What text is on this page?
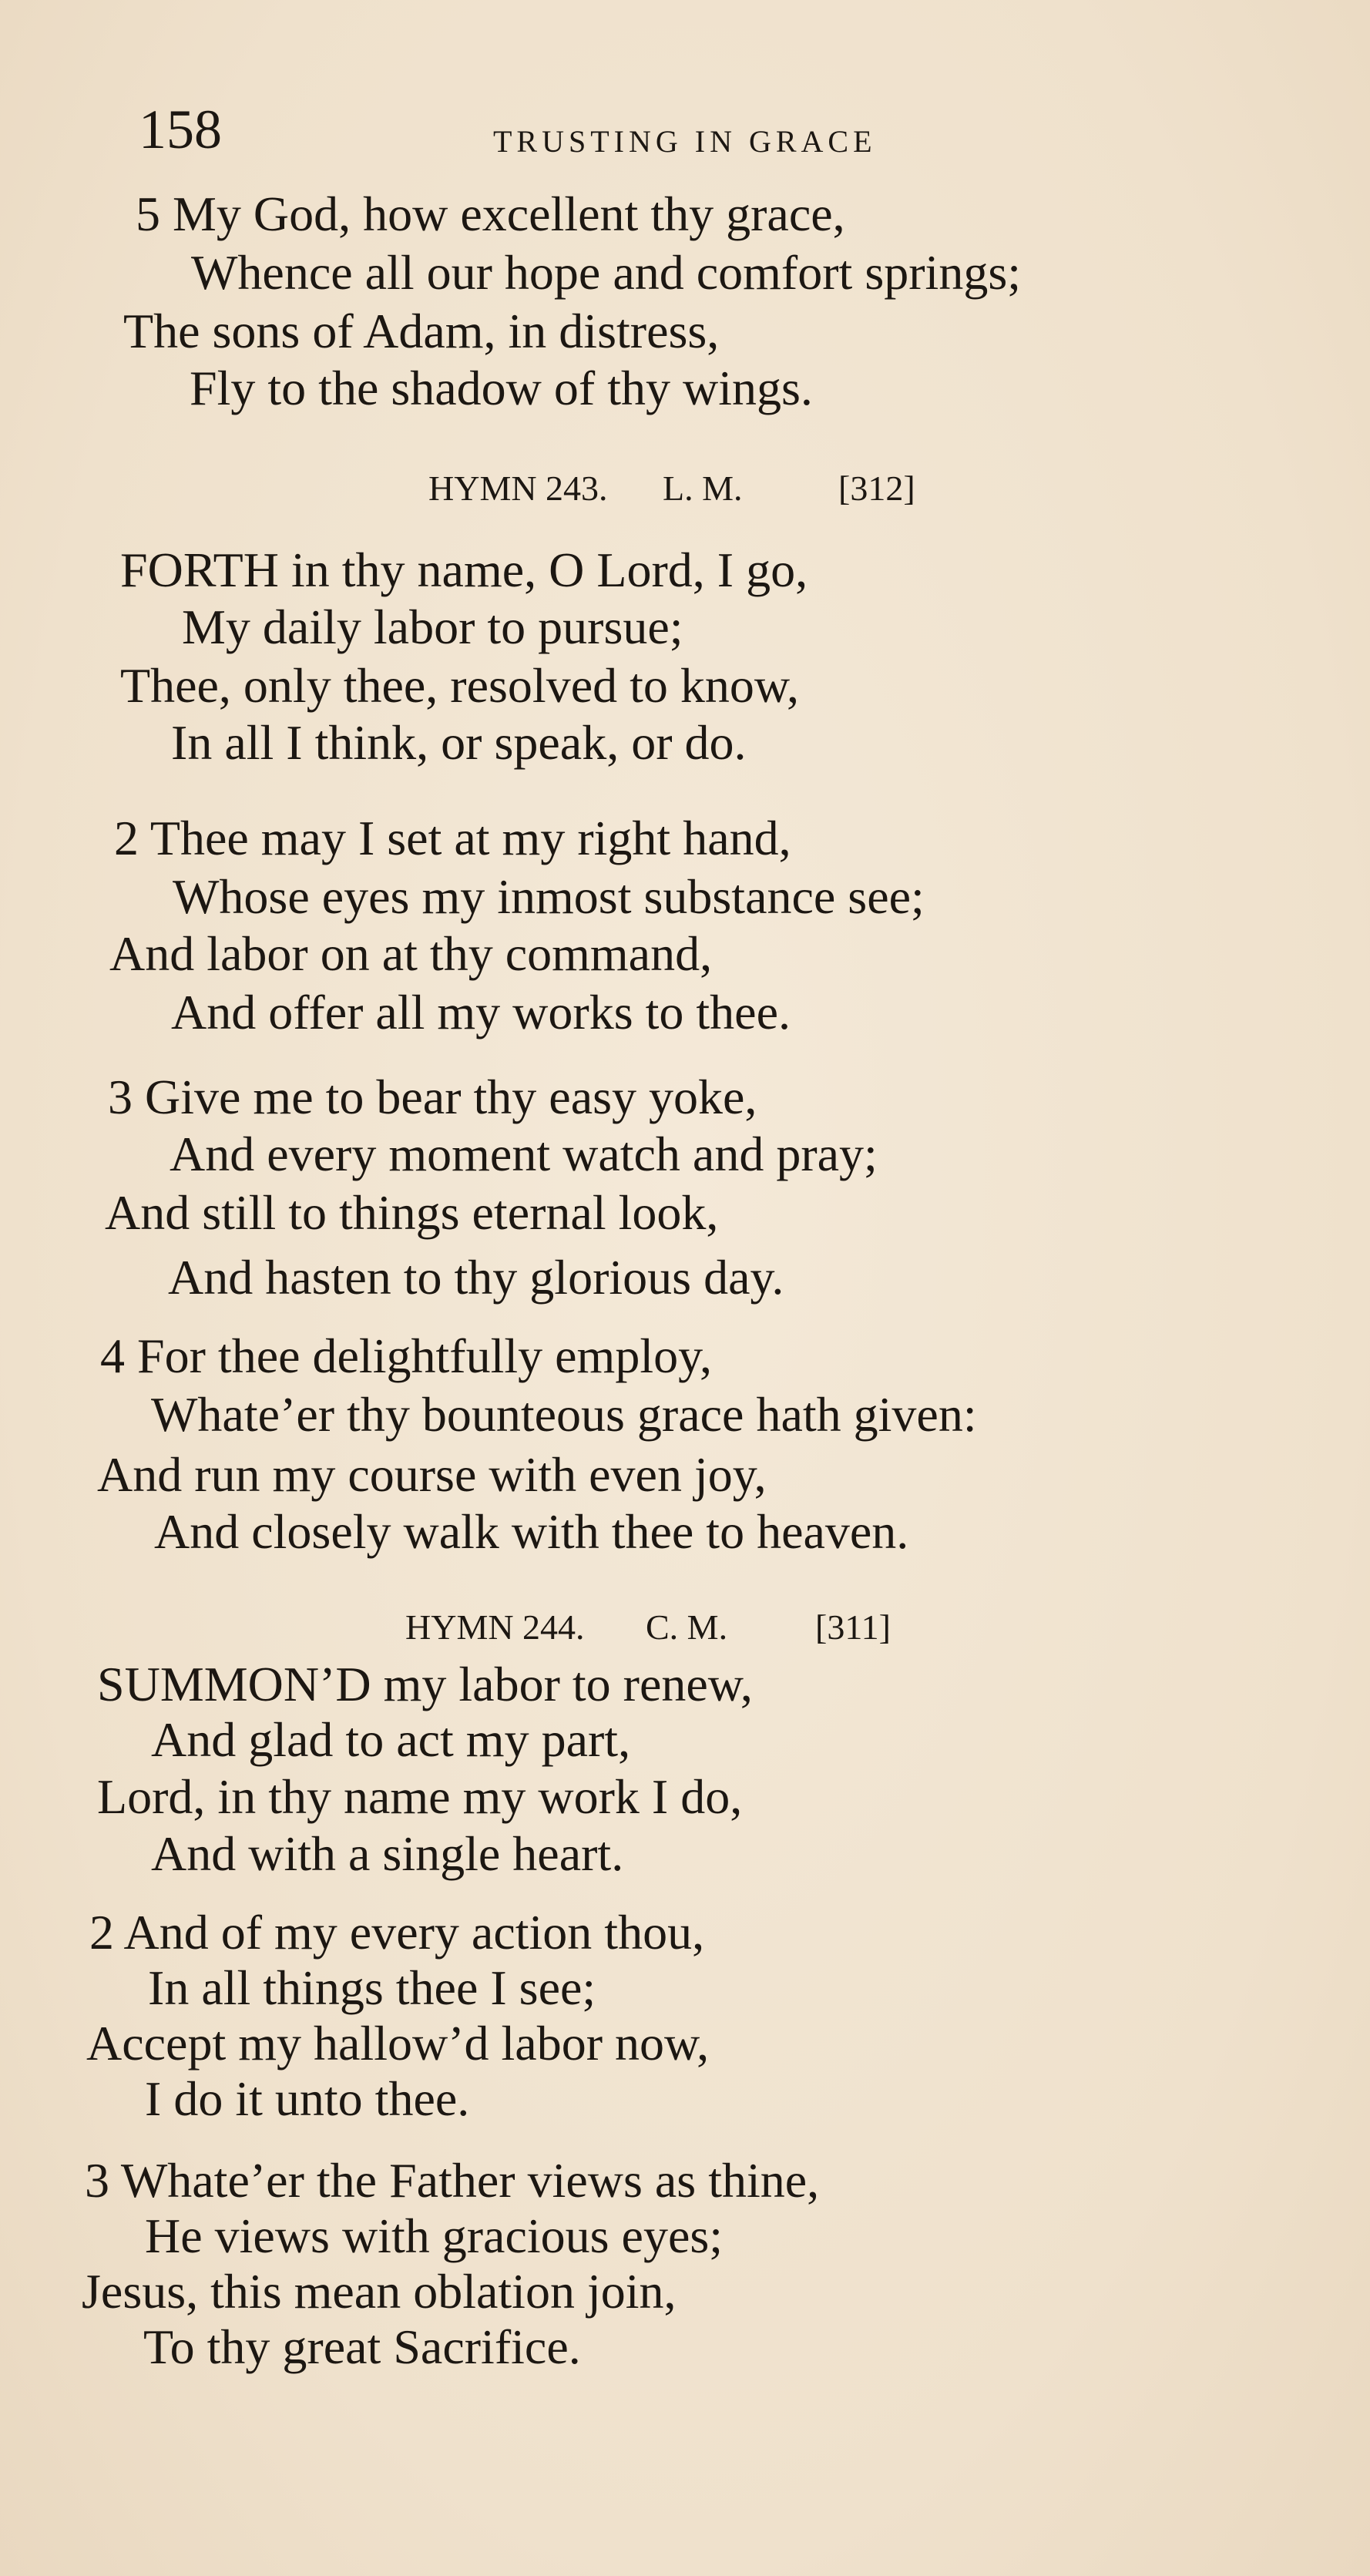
158	TRUSTING IN GRACE
5 My God, how excellent thy grace,
Whence all our hope and comfort springs;
The sons of Adam, in distress,
Fly to the shadow of thy wings.
HYMN 243. L. M.	[312]
FORTH in thy name, O Lord, I go,
My daily labor to pursue;
Thee, only thee, resolved to know,
In all I think, or speak, or do.
2 Thee may I set at my right hand,
Whose eyes my inmost substance see;
And labor on at thy command,
And offer all my works to thee.
3 Give me to bear thy easy yoke,
And every moment watch and pray;
And still to things eternal look,
And hasten to thy glorious day.
4 For thee delightfully employ,
Whate’er thy bounteous grace hath given:
And run my course with even joy,
And closely walk with thee to heaven.
HYMN 244. C. M. [311]
SUMMON’D my labor to renew,
And glad to act my part,
Lord, in thy name my work I do,
And with a single heart.
2 And of my every action thou,
In all things thee I see;
Accept my hallow’d labor now,
I do it unto thee.
3 Whate’er the Father views as thine,
He views with gracious eyes;
Jesus, this mean oblation join,
To thy great Sacrifice.
